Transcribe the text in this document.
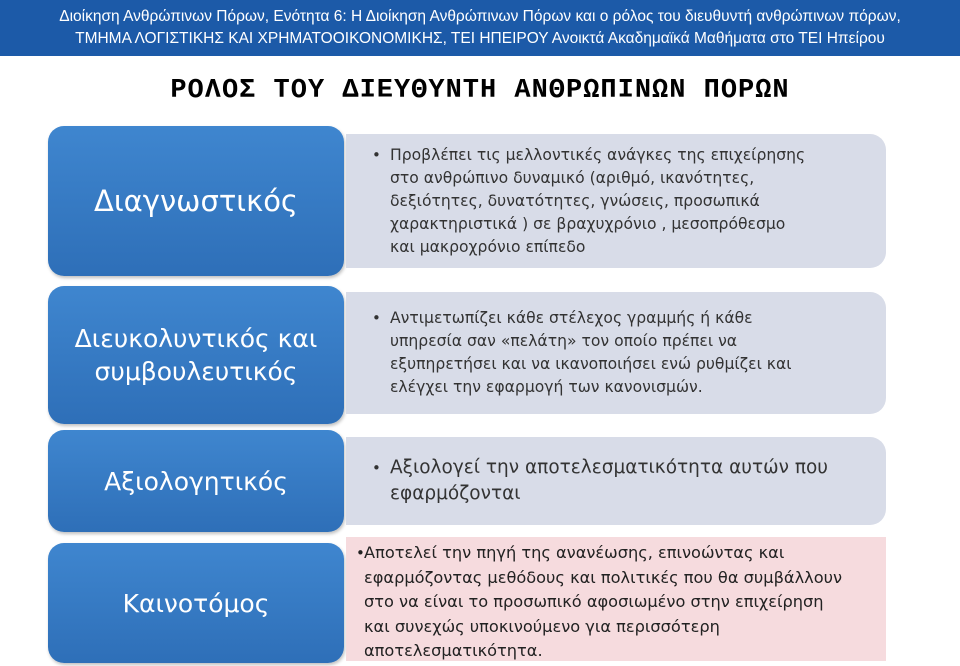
Διοίκηση Ανθρώπινων Πόρων, Ενότητα 6: Η Διοίκηση Ανθρώπινων Πόρων και ο ρόλος του διευθυντή ανθρώπινων πόρων,
ΤΜΗΜΑ ΛΟΓΙΣΤΙΚΗΣ ΚΑΙ ΧΡΗΜΑΤΟΟΙΚΟΝΟΜΙΚΗΣ, ΤΕΙ ΗΠΕΙΡΟΥ Ανοικτά Ακαδημαϊκά Μαθήματα στο ΤΕΙ Ηπείρου
ΡΟΛΟΣ ΤΟΥ ΔΙΕΥΘΥΝΤΗ ΑΝΘΡΩΠΙΝΩΝ ΠΟΡΩΝ
Διαγνωστικός
• Προβλέπει τις μελλοντικές ανάγκες της επιχείρησης
στο ανθρώπινο δυναμικό (αριθμό, ικανότητες,
δεξιότητες, δυνατότητες, γνώσεις, προσωπικά
χαρακτηριστικά ) σε βραχυχρόνιο , μεσοπρόθεσμο
και μακροχρόνιο επίπεδο
Διευκολυντικός και
συμβουλευτικός
• Αντιμετωπίζει κάθε στέλεχος γραμμής ή κάθε
υπηρεσία σαν «πελάτη» τον οποίο πρέπει να
εξυπηρετήσει και να ικανοποιήσει ενώ ρυθμίζει και
ελέγχει την εφαρμογή των κανονισμών.
Αξιολογητικός	• Αξιολογεί την αποτελεσματικότητα αυτών που
εφαρμόζονται
Καινοτόμος
• Αποτελεί την πηγή της ανανέωσης, επινοώντας και
εφαρμόζοντας μεθόδους και πολιτικές που θα συμβάλλουν
στο να είναι το προσωπικό αφοσιωμένο στην επιχείρηση
και συνεχώς υποκινούμενο για περισσότερη
αποτελεσματικότητα.
